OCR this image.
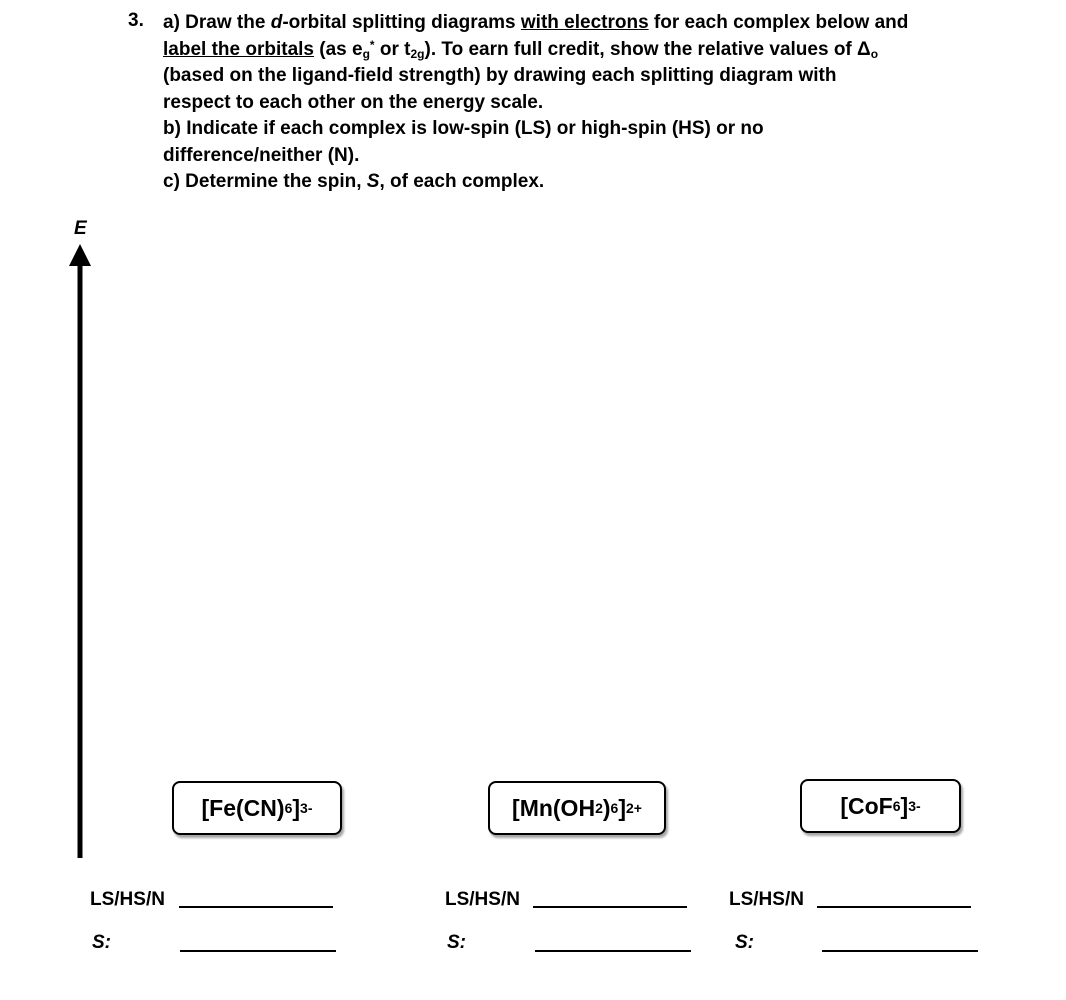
3. a) Draw the d-orbital splitting diagrams with electrons for each complex below and

label the orbitals (as $e_g^*$ or $t_{2g}$). To earn full credit, show the relative values of $\Delta_o$

(based on the ligand-field strength) by drawing each splitting diagram with

respect to each other on the energy scale.

b) Indicate if each complex is low-spin (LS) or high-spin (HS) or no

difference/neither (N).

c) Determine the spin, S, of each complex.

E
[Fe(CN) 6 ] 3-	[Mn(OH 2 ) 6 ] 2+	[CoF 6 ] 3-
LS/HS/N
S:
LS/HS/N
S:
LS/HS/N
S:
